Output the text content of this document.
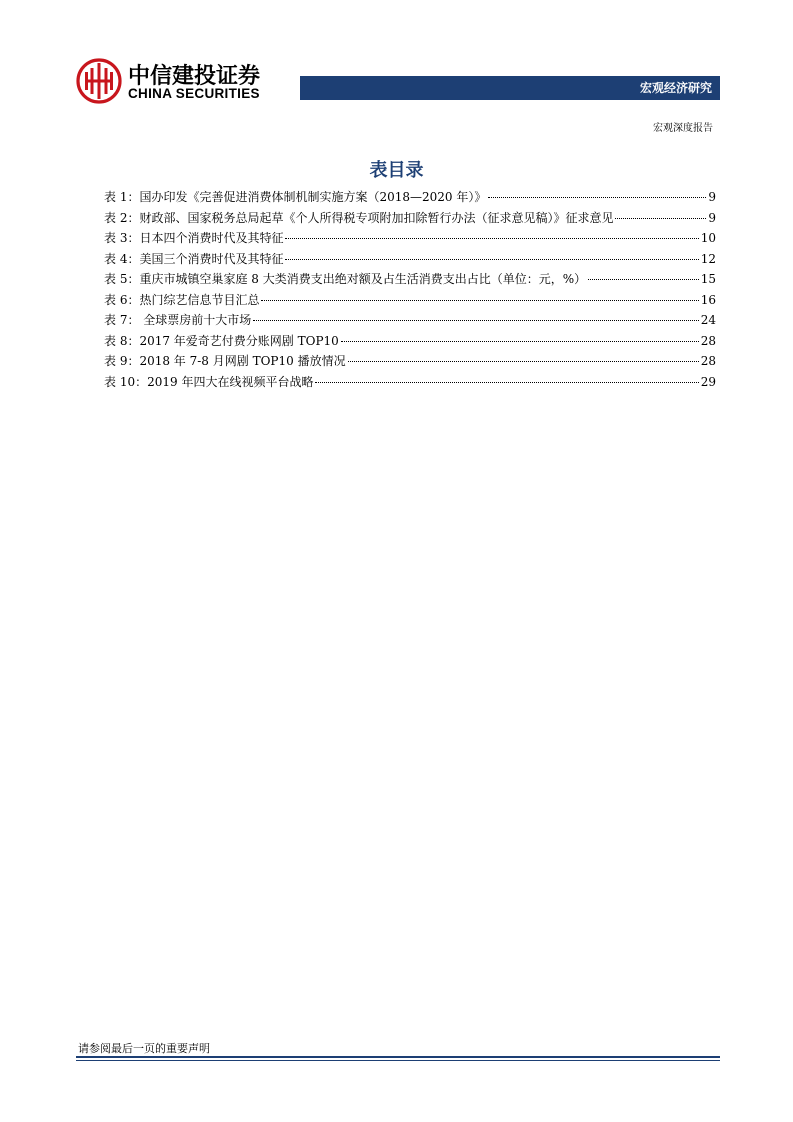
中信建投证券
CHINA SECURITIES	宏观经济研究
宏观深度报告
表目录
表 1：国办印发《完善促进消费体制机制实施方案（2018—2020 年）》	9
表 2：财政部、国家税务总局起草《个人所得税专项附加扣除暂行办法（征求意见稿）》征求意见	9
表 3：日本四个消费时代及其特征	10
表 4：美国三个消费时代及其特征	12
表 5：重庆市城镇空巢家庭 8 大类消费支出绝对额及占生活消费支出占比（单位：元，%）	15
表 6：热门综艺信息节目汇总	16
表 7： 全球票房前十大市场	24
表 8：2017 年爱奇艺付费分账网剧 TOP10	28
表 9：2018 年 7-8 月网剧 TOP10 播放情况	28
表 10：2019 年四大在线视频平台战略	29
请参阅最后一页的重要声明
